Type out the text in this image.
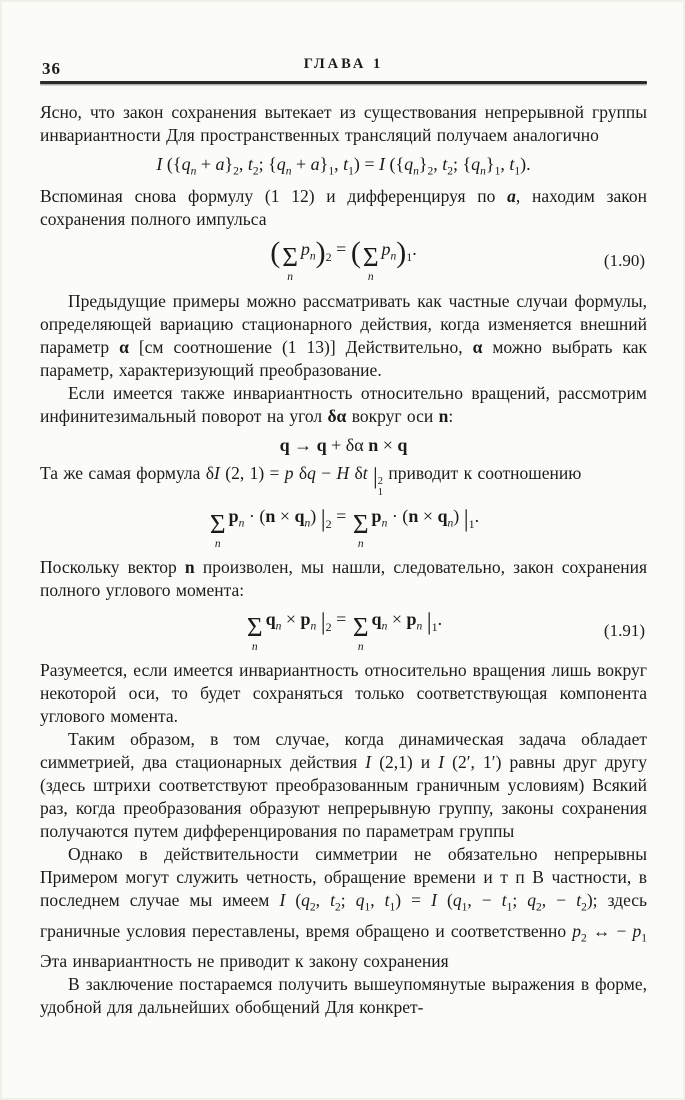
36	ГЛАВА 1

Ясно, что закон сохранения вытекает из существования непрерывной группы инвариантности Для пространственных трансляций получаем аналогично

I ($\{q_n + a\}_2$, $t_2$; $\{q_n + a\}_1$, $t_1) = I$ ($\{q_n\}_2$, $t_2$; $\{q_n\}_1$, $t_1$).

Вспоминая снова формулу (1 12) и дифференцируя по a, находим закон сохранения полного импульса

( Σ
n
$p_n)_2$ = ( Σ
n
$p_n)_1$.
(1.90)

Предыдущие примеры можно рассматривать как частные случаи формулы, определяющей вариацию стационарного действия, когда изменяется внешний параметр α [см соотношение (1 13)] Действительно, α можно выбрать как параметр, характеризующий преобразование.

Если имеется также инвариантность относительно вращений, рассмотрим инфинитезимальный поворот на угол δα вокруг оси n:

q → q + δα n × q

Та же самая формула δI (2, 1) = p δq − H δt | 2
1
приводит к соотношению

Σ
n
$p_n \cdot (n \times q_n) |_2 = \Sigma$
n
$p_n \cdot (n \times q_n)$ $|_1$.

Поскольку вектор n произволен, мы нашли, следовательно, закон сохранения полного углового момента:

Σ
n
$q_n \times p_n$ $|_2 = \Sigma$
n
$q_n \times p_n$ $|_1$.
(1.91)

Разумеется, если имеется инвариантность относительно вращения лишь вокруг некоторой оси, то будет сохраняться только соответствующая компонента углового момента.

Таким образом, в том случае, когда динамическая задача обладает симметрией, два стационарных действия I (2,1) и I (2′, 1′) равны друг другу (здесь штрихи соответствуют преобразованным граничным условиям) Всякий раз, когда преобразования образуют непрерывную группу, законы сохранения получаются путем дифференцирования по параметрам группы

Однако в действительности симметрии не обязательно непрерывны Примером могут служить четность, обращение времени и т п В частности, в последнем случае мы имеем I ($q_2$, $t_2$; $q_1$, $t_1) = I$ ($q_1$, − $t_1$; $q_2$, − $t_2$); здесь граничные условия переставлены, время обращено и соответственно $p_2$ ↔ − $p_1$ Эта инвариантность не приводит к закону сохранения

В заключение постараемся получить вышеупомянутые выражения в форме, удобной для дальнейших обобщений Для конкрет-
